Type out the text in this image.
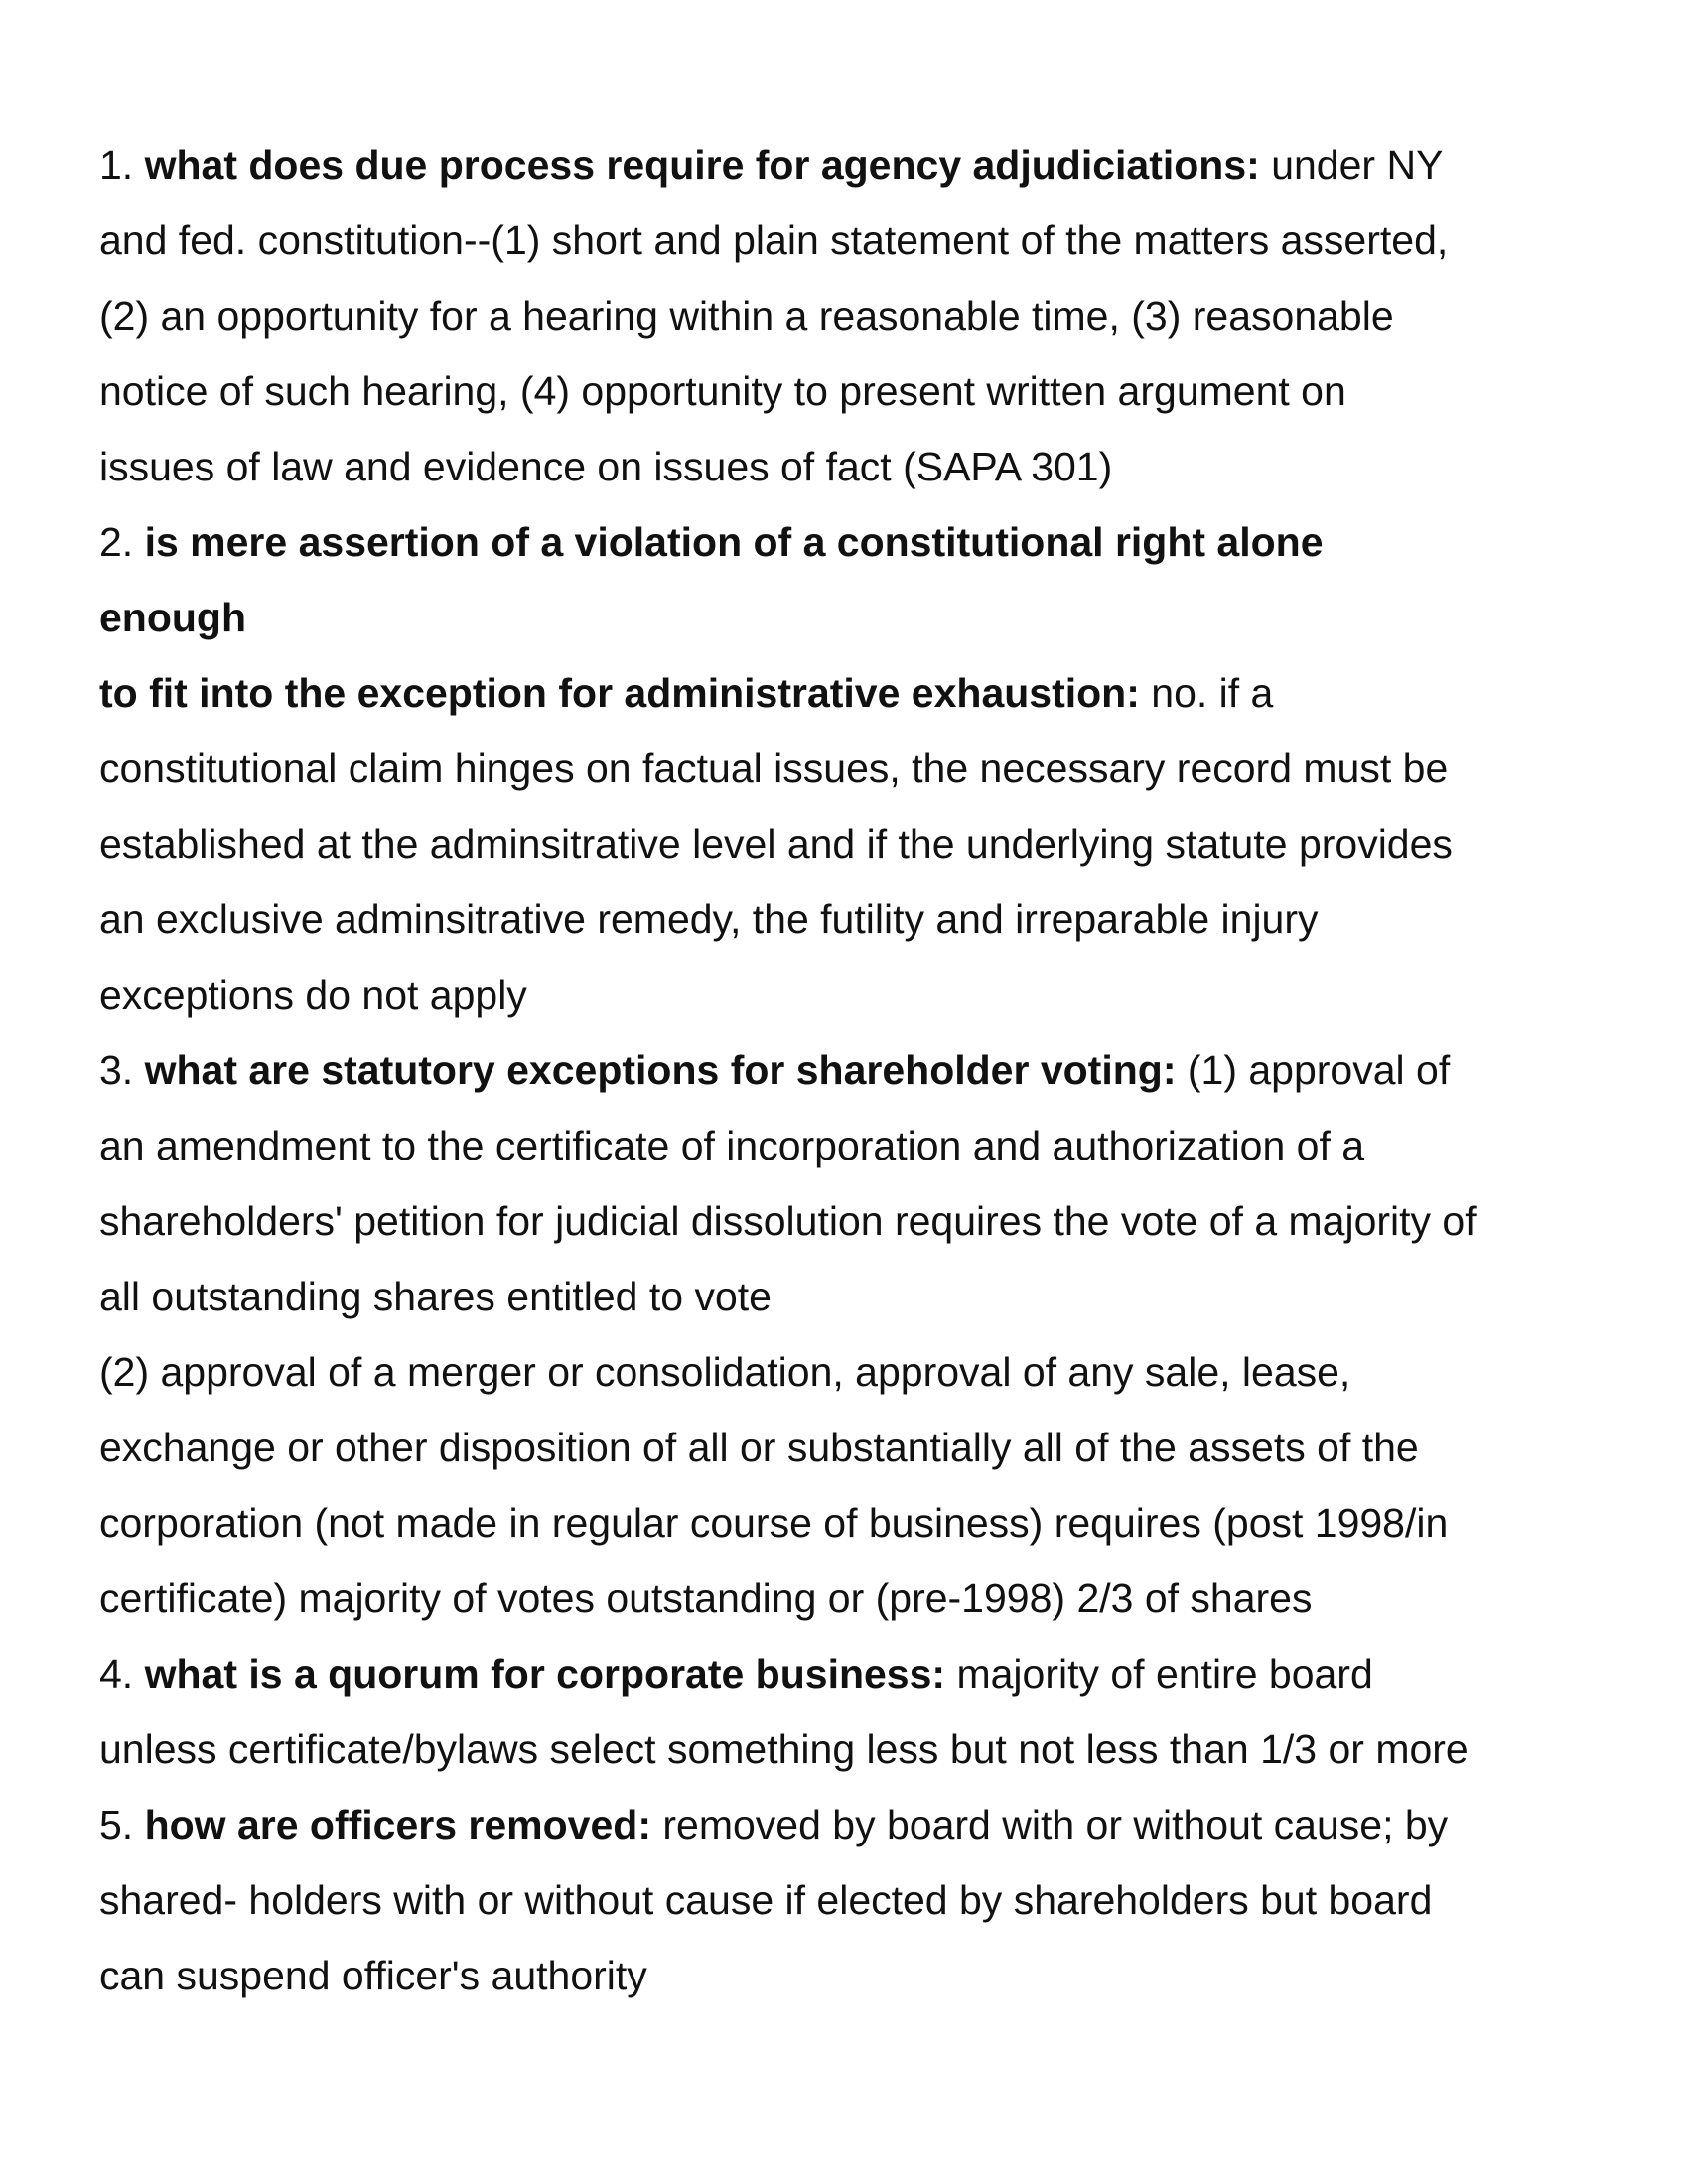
1. what does due process require for agency adjudiciations: under NY
and fed. constitution--(1) short and plain statement of the matters asserted,
(2) an opportunity for a hearing within a reasonable time, (3) reasonable
notice of such hearing, (4) opportunity to present written argument on
issues of law and evidence on issues of fact (SAPA 301)
2. is mere assertion of a violation of a constitutional right alone
enough
to fit into the exception for administrative exhaustion: no. if a
constitutional claim hinges on factual issues, the necessary record must be
established at the adminsitrative level and if the underlying statute provides
an exclusive adminsitrative remedy, the futility and irreparable injury
exceptions do not apply
3. what are statutory exceptions for shareholder voting: (1) approval of
an amendment to the certificate of incorporation and authorization of a
shareholders' petition for judicial dissolution requires the vote of a majority of
all outstanding shares entitled to vote
(2) approval of a merger or consolidation, approval of any sale, lease,
exchange or other disposition of all or substantially all of the assets of the
corporation (not made in regular course of business) requires (post 1998/in
certificate) majority of votes outstanding or (pre-1998) 2/3 of shares
4. what is a quorum for corporate business: majority of entire board
unless certificate/bylaws select something less but not less than 1/3 or more
5. how are officers removed: removed by board with or without cause; by
shared- holders with or without cause if elected by shareholders but board
can suspend officer's authority
